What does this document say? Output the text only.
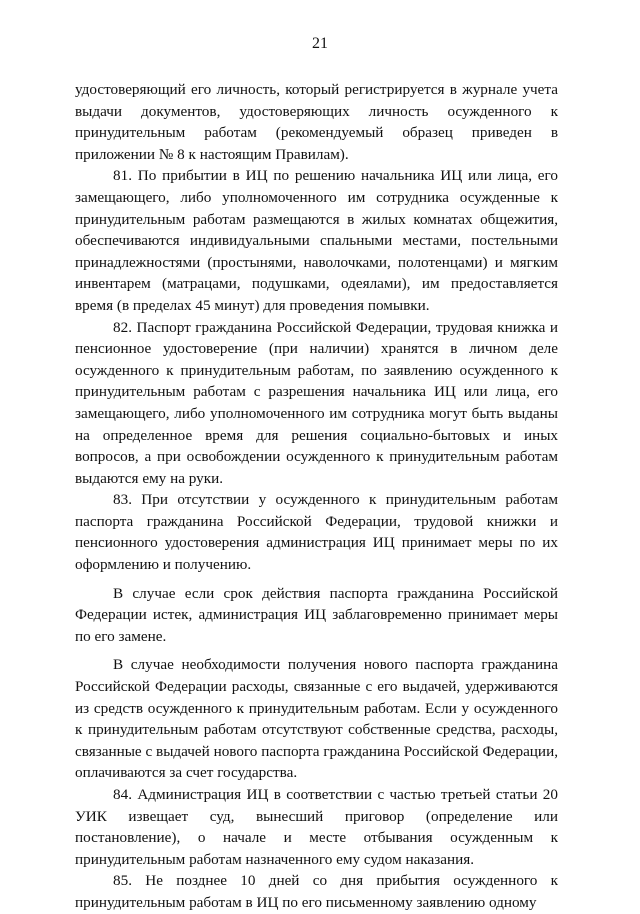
21

удостоверяющий его личность, который регистрируется в журнале учета выдачи документов, удостоверяющих личность осужденного к принудительным работам (рекомендуемый образец приведен в приложении № 8 к настоящим Правилам).

81. По прибытии в ИЦ по решению начальника ИЦ или лица, его замещающего, либо уполномоченного им сотрудника осужденные к принудительным работам размещаются в жилых комнатах общежития, обеспечиваются индивидуальными спальными местами, постельными принадлежностями (простынями, наволочками, полотенцами) и мягким инвентарем (матрацами, подушками, одеялами), им предоставляется время (в пределах 45 минут) для проведения помывки.

82. Паспорт гражданина Российской Федерации, трудовая книжка и пенсионное удостоверение (при наличии) хранятся в личном деле осужденного к принудительным работам, по заявлению осужденного к принудительным работам с разрешения начальника ИЦ или лица, его замещающего, либо уполномоченного им сотрудника могут быть выданы на определенное время для решения социально-бытовых и иных вопросов, а при освобождении осужденного к принудительным работам выдаются ему на руки.

83. При отсутствии у осужденного к принудительным работам паспорта гражданина Российской Федерации, трудовой книжки и пенсионного удостоверения администрация ИЦ принимает меры по их оформлению и получению.

В случае если срок действия паспорта гражданина Российской Федерации истек, администрация ИЦ заблаговременно принимает меры по его замене.

В случае необходимости получения нового паспорта гражданина Российской Федерации расходы, связанные с его выдачей, удерживаются из средств осужденного к принудительным работам. Если у осужденного к принудительным работам отсутствуют собственные средства, расходы, связанные с выдачей нового паспорта гражданина Российской Федерации, оплачиваются за счет государства.

84. Администрация ИЦ в соответствии с частью третьей статьи 20 УИК извещает суд, вынесший приговор (определение или постановление), о начале и месте отбывания осужденным к принудительным работам назначенного ему судом наказания.

85. Не позднее 10 дней со дня прибытия осужденного к принудительным работам в ИЦ по его письменному заявлению одному
